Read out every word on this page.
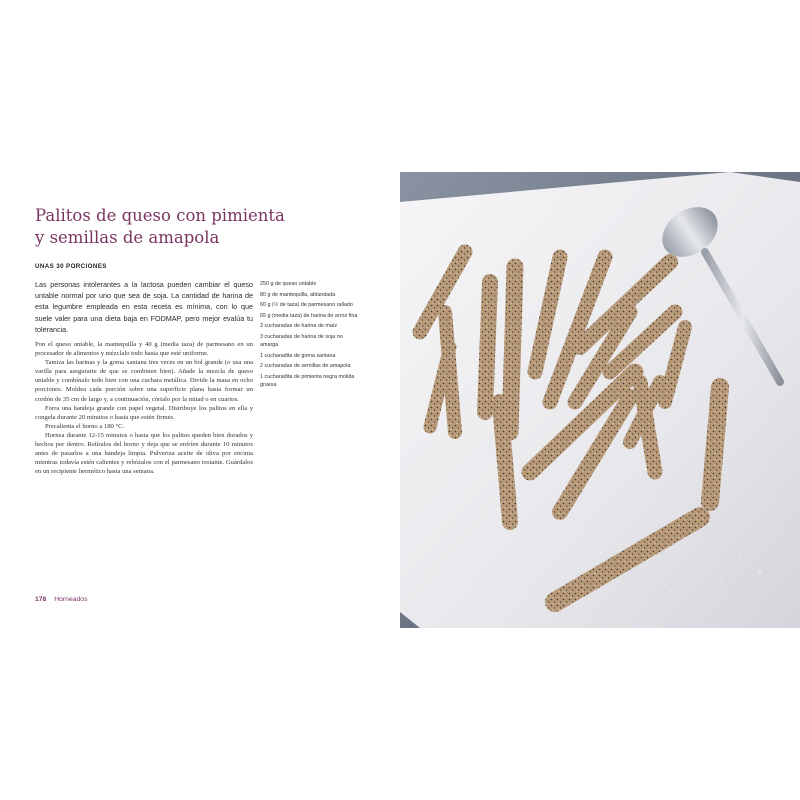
Palitos de queso con pimienta
y semillas de amapola
UNAS 30 PORCIONES

Las personas intolerantes a la lactosa pueden cambiar el queso untable normal por uno que sea de soja. La cantidad de harina de esta legumbre empleada en esta receta es mínima, con lo que suele valer para una dieta baja en FODMAP, pero mejor evalúa tu tolerancia.

Pon el queso untable, la mantequilla y 40 g (media taza) de parmesano en un procesador de alimentos y mézclalo todo hasta que esté uniforme.

Tamiza las harinas y la goma xantana tres veces en un bol grande (o usa una varilla para asegurarte de que se combinen bien). Añade la mezcla de queso untable y combínalo todo bien con una cuchara metálica. Divide la masa en ocho porciones. Moldea cada porción sobre una superficie plana hasta formar un cordón de 35 cm de largo y, a continuación, córtalo por la mitad o en cuartos.

Forra una bandeja grande con papel vegetal. Distribuye los palitos en ella y congela durante 20 minutos o hasta que estén firmes.

Precalienta el horno a 180 °C.

Hornea durante 12-15 minutos o hasta que los palitos queden bien dorados y hechos por dentro. Retíralos del horno y deja que se enfríen durante 10 minutos antes de pasarlos a una bandeja limpia. Pulveriza aceite de oliva por encima mientras todavía estén calientes y rebózalos con el parmesano restante. Guárdalos en un recipiente hermético hasta una semana.

250 g de queso untable
80 g de mantequilla, ablandada
60 g (½ de taza) de parmesano rallado
65 g (media taza) de harina de arroz fina
3 cucharadas de harina de maíz
3 cucharadas de harina de soja no amarga
1 cucharadita de goma xantana
2 cucharadas de semillas de amapola
1 cucharadita de pimienta negra molida gruesa
178 Horneados
